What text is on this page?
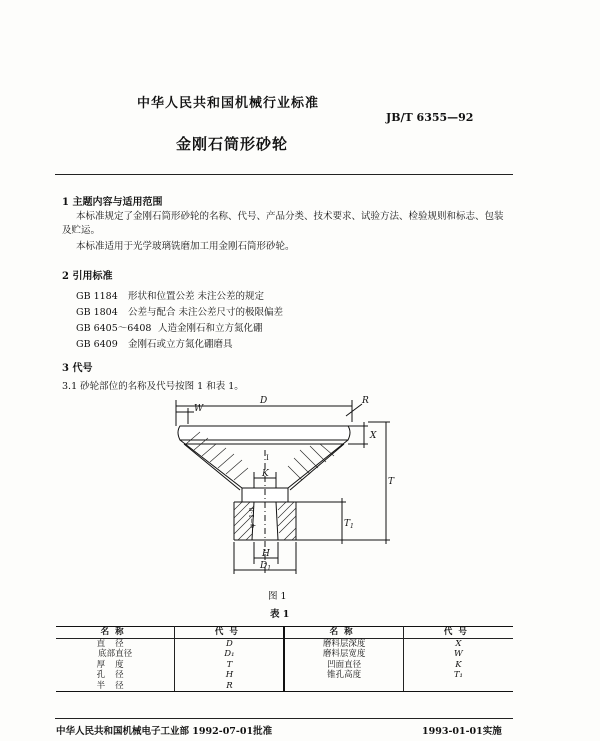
中华人民共和国机械行业标准
JB/T 6355—92
金刚石筒形砂轮
1 主题内容与适用范围
本标准规定了金刚石筒形砂轮的名称、代号、产品分类、技术要求、试验方法、检验规则和标志、包装
及贮运。
本标准适用于光学玻璃铣磨加工用金刚石筒形砂轮。
2 引用标准
GB 1184 形状和位置公差 未注公差的规定
GB 1804 公差与配合 未注公差尺寸的极限偏差
GB 6405～6408 人造金刚石和立方氮化硼
GB 6409 金刚石或立方氮化硼磨具
3 代号
3.1 砂轮部位的名称及代号按图 1 和表 1。
D	R
W
X
T
K
$T_1$
H
$D_1$
I
φ=1:8
图 1
表 1
名称	代号	名称	代号
直径	D	磨料层深度	X
底部直径	D₁	磨料层宽度	W
厚度	T	凹面直径	K
孔径	H	锥孔高度	T₁
半径	R		
中华人民共和国机械电子工业部 1992-07-01批准	1993-01-01实施
